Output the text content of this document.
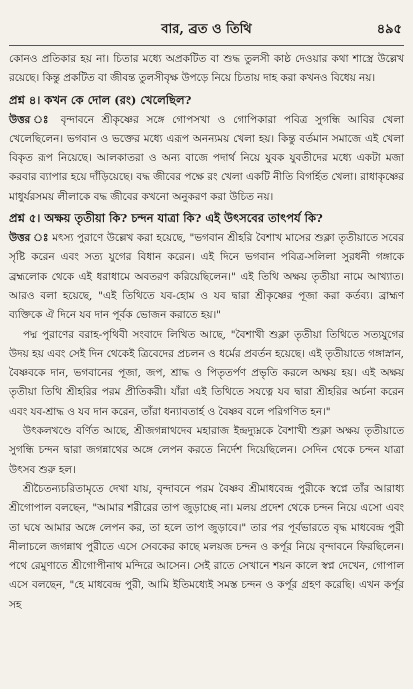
বার, ব্রত ও তিথি	৪৯৫

কোনও প্রতিকার হয় না। চিতার মধ্যে অপ্রকটিত বা শুদ্ধ তুলসী কাষ্ঠ দেওয়ার কথা শাস্ত্রে উল্লেখ রয়েছে। কিন্তু প্রকটিত বা জীবন্ত তুলসীবৃক্ষ উপড়ে নিয়ে চিতায় দাহ করা কখনও বিধেয় নয়।

প্রশ্ন ৪। কখন কে দোল (রং) খেলেছিল?

উত্তর ঃ বৃন্দাবনে শ্রীকৃষ্ণের সঙ্গে গোপসখা ও গোপিকারা পবিত্র সুগন্ধি আবির খেলা খেলেছিলেন। ভগবান ও ভক্তের মধ্যে এরূপ অনন্যময় খেলা হয়। কিন্তু বর্তমান সমাজে এই খেলা বিকৃত রূপ নিয়েছে। আলকাতরা ও অন্য বাজে পদার্থ নিয়ে যুবক যুবতীদের মধ্যে একটা মজা করবার ব্যাপার হয়ে দাঁড়িয়েছে। বদ্ধ জীবের পক্ষে রং খেলা একটি নীতি বিগর্হিত খেলা। রাধাকৃষ্ণের মাধুর্যরসময় লীলাকে বদ্ধ জীবের কখনো অনুকরণ করা উচিত নয়।

প্রশ্ন ৫। অক্ষয় তৃতীয়া কি? চন্দন যাত্রা কি? এই উৎসবের তাৎপর্য কি?

উত্তর ঃ মৎস্য পুরাণে উল্লেখ করা হয়েছে, "ভগবান শ্রীহরি বৈশাখ মাসের শুক্লা তৃতীয়াতে সবের সৃষ্টি করেন এবং সত্য যুগের বিধান করেন। এই দিনে ভগবান পবিত্র-সলিলা সুরধনী গঙ্গাকে ব্রহ্মলোক থেকে এই ধরাধামে অবতরণ করিয়েছিলেন।" এই তিথি অক্ষয় তৃতীয়া নামে আখ্যাত। আরও বলা হয়েছে, "এই তিথিতে যব-হোম ও যব দ্বারা শ্রীকৃষ্ণের পূজা করা কর্তব্য। ব্রাহ্মণ ব্যক্তিকে ঐ দিনে যব দান পূর্বক ভোজন করাতে হয়।"

পদ্ম পুরাণের বরাহ-পৃথিবী সংবাদে লিখিত আছে, "বৈশাখী শুক্লা তৃতীয়া তিথিতে সত্যযুগের উদয় হয় এবং সেই দিন থেকেই ত্রিবেদের প্রচলন ও ধর্মের প্রবর্তন হয়েছে। এই তৃতীয়াতে গঙ্গাস্নান, বৈষ্ণবকে দান, ভগবানের পূজা, জপ, শ্রাদ্ধ ও পিতৃতর্পণ প্রভৃতি করলে অক্ষয় হয়। এই অক্ষয় তৃতীয়া তিথি শ্রীহরির পরম প্রীতিকরী। যাঁরা এই তিথিতে সযত্নে যব দ্বারা শ্রীহরির অর্চনা করেন এবং যব-শ্রাদ্ধ ও যব দান করেন, তাঁরা ধন্যাবতার্হ ও বৈষ্ণব বলে পরিগণিত হন।"

উৎকলখণ্ডে বর্ণিত আছে, শ্রীজগন্নাথদেব মহারাজ ইন্দ্রদ্যুম্নকে বৈশাখী শুক্লা অক্ষয় তৃতীয়াতে সুগন্ধি চন্দন দ্বারা জগন্নাথের অঙ্গে লেপন করতে নির্দেশ দিয়েছিলেন। সেদিন থেকে চন্দন যাত্রা উৎসব শুরু হল।

শ্রীচৈতন্যচরিতামৃতে দেখা যায়, বৃন্দাবনে পরম বৈষ্ণব শ্রীমাধবেন্দ্র পুরীকে স্বপ্নে তাঁর আরাধ্য শ্রীগোপাল বলছেন, "আমার শরীরের তাপ জুড়াচ্ছে না। মলয় প্রদেশ থেকে চন্দন নিয়ে এসো এবং তা ঘষে আমার অঙ্গে লেপন কর, তা হলে তাপ জুড়াবে।" তার পর পূর্বভারতে বৃদ্ধ মাধবেন্দ্র পুরী নীলাচলে জগন্নাথ পুরীতে এসে সেবকের কাছে মলয়জ চন্দন ও কর্পূর নিয়ে বৃন্দাবনে ফিরছিলেন। পথে রেমুণাতে শ্রীগোপীনাথ মন্দিরে আসেন। সেই রাতে সেখানে শয়ন কালে স্বপ্ন দেখেন, গোপাল এসে বলছেন, "হে মাধবেন্দ্র পুরী, আমি ইতিমধ্যেই সমস্ত চন্দন ও কর্পূর গ্রহণ করেছি। এখন কর্পূর সহ
